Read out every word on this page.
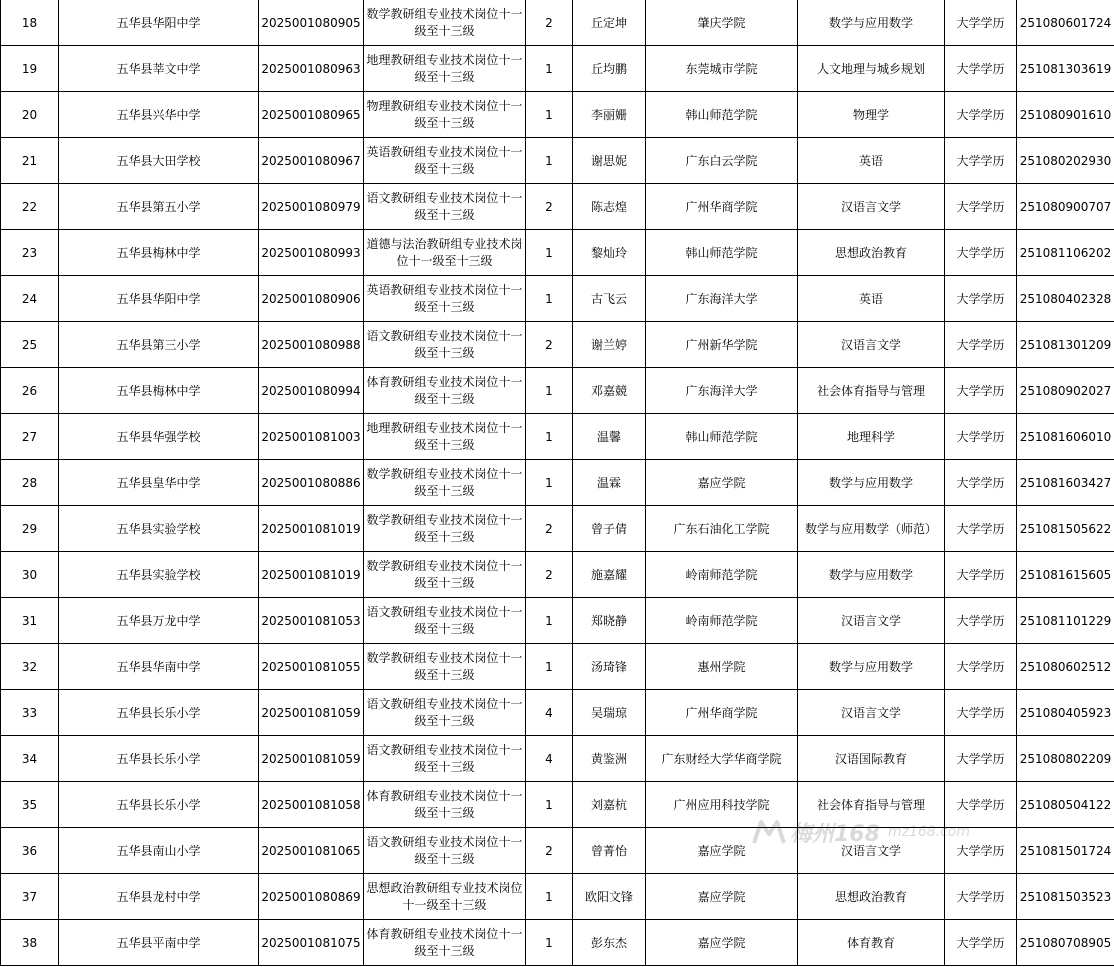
18	五华县华阳中学	2025001080905	数学教研组专业技术岗位十一级至十三级	2	丘定坤	肇庆学院	数学与应用数学	大学学历	251080601724
19	五华县莘文中学	2025001080963	地理教研组专业技术岗位十一级至十三级	1	丘均鹏	东莞城市学院	人文地理与城乡规划	大学学历	251081303619
20	五华县兴华中学	2025001080965	物理教研组专业技术岗位十一级至十三级	1	李丽姗	韩山师范学院	物理学	大学学历	251080901610
21	五华县大田学校	2025001080967	英语教研组专业技术岗位十一级至十三级	1	谢思妮	广东白云学院	英语	大学学历	251080202930
22	五华县第五小学	2025001080979	语文教研组专业技术岗位十一级至十三级	2	陈志煌	广州华商学院	汉语言文学	大学学历	251080900707
23	五华县梅林中学	2025001080993	道德与法治教研组专业技术岗位十一级至十三级	1	黎灿玲	韩山师范学院	思想政治教育	大学学历	251081106202
24	五华县华阳中学	2025001080906	英语教研组专业技术岗位十一级至十三级	1	古飞云	广东海洋大学	英语	大学学历	251080402328
25	五华县第三小学	2025001080988	语文教研组专业技术岗位十一级至十三级	2	谢兰婷	广州新华学院	汉语言文学	大学学历	251081301209
26	五华县梅林中学	2025001080994	体育教研组专业技术岗位十一级至十三级	1	邓嘉競	广东海洋大学	社会体育指导与管理	大学学历	251080902027
27	五华县华强学校	2025001081003	地理教研组专业技术岗位十一级至十三级	1	温馨	韩山师范学院	地理科学	大学学历	251081606010
28	五华县皇华中学	2025001080886	数学教研组专业技术岗位十一级至十三级	1	温霖	嘉应学院	数学与应用数学	大学学历	251081603427
29	五华县实验学校	2025001081019	数学教研组专业技术岗位十一级至十三级	2	曾子倩	广东石油化工学院	数学与应用数学（师范）	大学学历	251081505622
30	五华县实验学校	2025001081019	数学教研组专业技术岗位十一级至十三级	2	施嘉耀	岭南师范学院	数学与应用数学	大学学历	251081615605
31	五华县万龙中学	2025001081053	语文教研组专业技术岗位十一级至十三级	1	郑晓静	岭南师范学院	汉语言文学	大学学历	251081101229
32	五华县华南中学	2025001081055	数学教研组专业技术岗位十一级至十三级	1	汤琦锋	惠州学院	数学与应用数学	大学学历	251080602512
33	五华县长乐小学	2025001081059	语文教研组专业技术岗位十一级至十三级	4	吴瑞琼	广州华商学院	汉语言文学	大学学历	251080405923
34	五华县长乐小学	2025001081059	语文教研组专业技术岗位十一级至十三级	4	黄鉴洲	广东财经大学华商学院	汉语国际教育	大学学历	251080802209
35	五华县长乐小学	2025001081058	体育教研组专业技术岗位十一级至十三级	1	刘嘉杭	广州应用科技学院	社会体育指导与管理	大学学历	251080504122
36	五华县南山小学	2025001081065	语文教研组专业技术岗位十一级至十三级	2	曾菁怡	嘉应学院	汉语言文学	大学学历	251081501724
37	五华县龙村中学	2025001080869	思想政治教研组专业技术岗位十一级至十三级	1	欧阳文锋	嘉应学院	思想政治教育	大学学历	251081503523
38	五华县平南中学	2025001081075	体育教研组专业技术岗位十一级至十三级	1	彭东杰	嘉应学院	体育教育	大学学历	251080708905
梅州168 mz168.com
